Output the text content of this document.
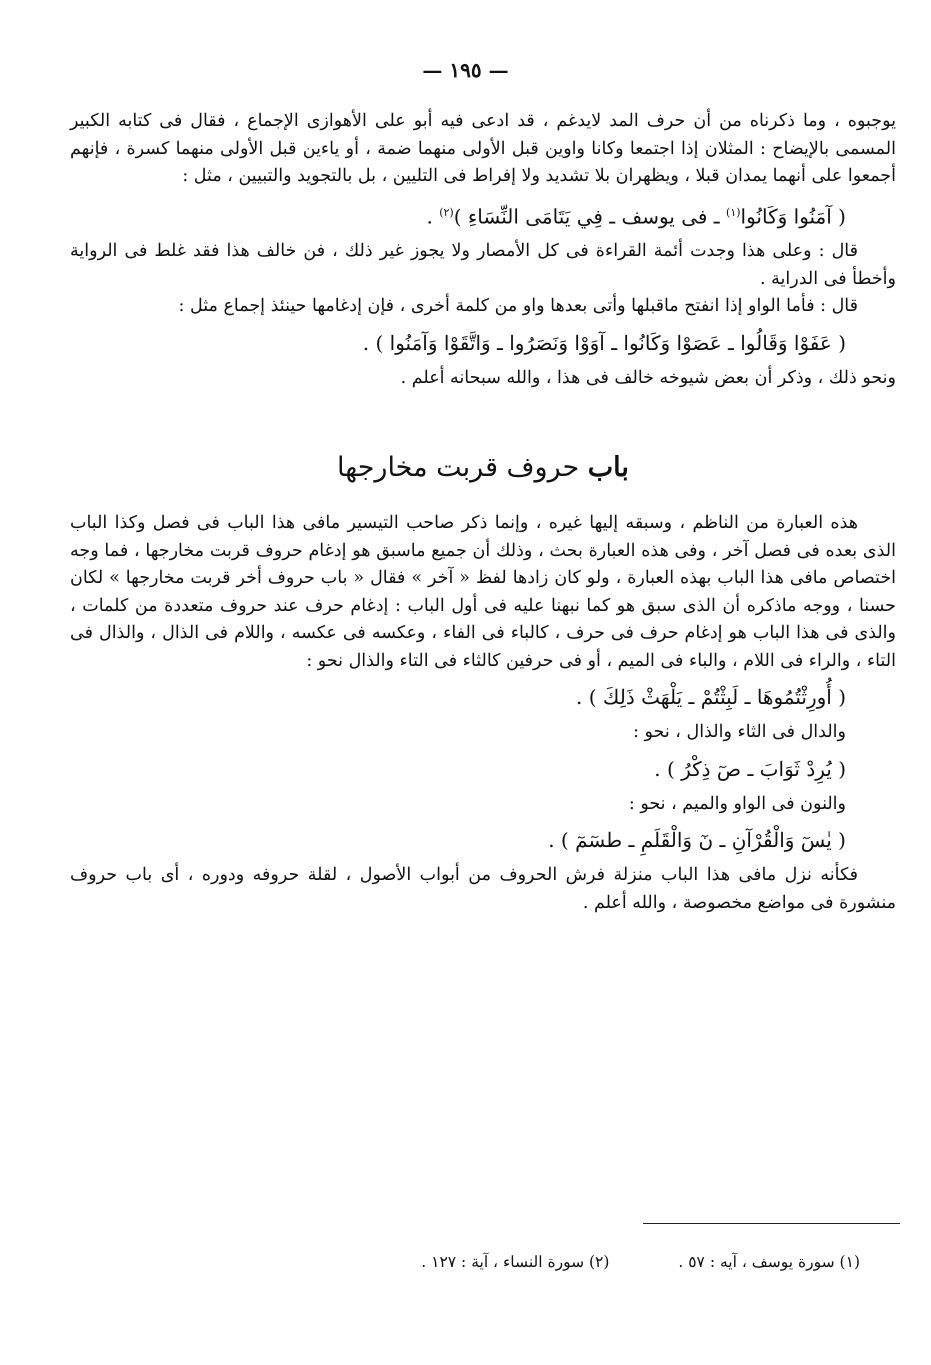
— ١٩٥ —

يوجبوه ، وما ذكرناه من أن حرف المد لايدغم ، قد ادعى فيه أبو على الأهوازى الإجماع ، فقال فى كتابه الكبير المسمى بالإيضاح : المثلان إذا اجتمعا وكانا واوين قبل الأولى منهما ضمة ، أو ياءين قبل الأولى منهما كسرة ، فإنهم أجمعوا على أنهما يمدان قبلا ، ويظهران بلا تشديد ولا إفراط فى التليين ، بل بالتجويد والتبيين ، مثل :

( آمَنُوا وَكَانُوا$^{(١)}$ ـ فى يوسف ـ فِي يَتَامَى النِّسَاءِ )$^{(٢)}$ .

قال : وعلى هذا وجدت أئمة القراءة فى كل الأمصار ولا يجوز غير ذلك ، فن خالف هذا فقد غلط فى الرواية وأخطأ فى الدراية .

قال : فأما الواو إذا انفتح ماقبلها وأتى بعدها واو من كلمة أخرى ، فإن إدغامها حينئذ إجماع مثل :

( عَفَوْا وَقَالُوا ـ عَصَوْا وَكَانُوا ـ آوَوْا وَنَصَرُوا ـ وَاتَّقَوْا وَآمَنُوا ) .

ونحو ذلك ، وذكر أن بعض شيوخه خالف فى هذا ، والله سبحانه أعلم .

باب حروف قربت مخارجها

هذه العبارة من الناظم ، وسبقه إليها غيره ، وإنما ذكر صاحب التيسير مافى هذا الباب فى فصل وكذا الباب الذى بعده فى فصل آخر ، وفى هذه العبارة بحث ، وذلك أن جميع ماسبق هو إدغام حروف قربت مخارجها ، فما وجه اختصاص مافى هذا الباب بهذه العبارة ، ولو كان زادها لفظ « آخر » فقال « باب حروف أخر قربت مخارجها » لكان حسنا ، ووجه ماذكره أن الذى سبق هو كما نبهنا عليه فى أول الباب : إدغام حرف عند حروف متعددة من كلمات ، والذى فى هذا الباب هو إدغام حرف فى حرف ، كالباء فى الفاء ، وعكسه فى عكسه ، واللام فى الذال ، والذال فى التاء ، والراء فى اللام ، والباء فى الميم ، أو فى حرفين كالثاء فى التاء والذال نحو :

( أُورِثْتُمُوهَا ـ لَبِثْتُمْ ـ يَلْهَثْ ذَلِكَ ) .

والدال فى الثاء والذال ، نحو :

( يُرِدْ ثَوَابَ ـ صٓ ذِكْرُ ) .

والنون فى الواو والميم ، نحو :

( يٰسٓ وَالْقُرْآنِ ـ نٓ وَالْقَلَمِ ـ طسٓمٓ ) .

فكأنه نزل مافى هذا الباب منزلة فرش الحروف من أبواب الأصول ، لقلة حروفه ودوره ، أى باب حروف منشورة فى مواضع مخصوصة ، والله أعلم .

(١) سورة يوسف ، آيه : ٥٧ . (٢) سورة النساء ، آية : ١٢٧ .
